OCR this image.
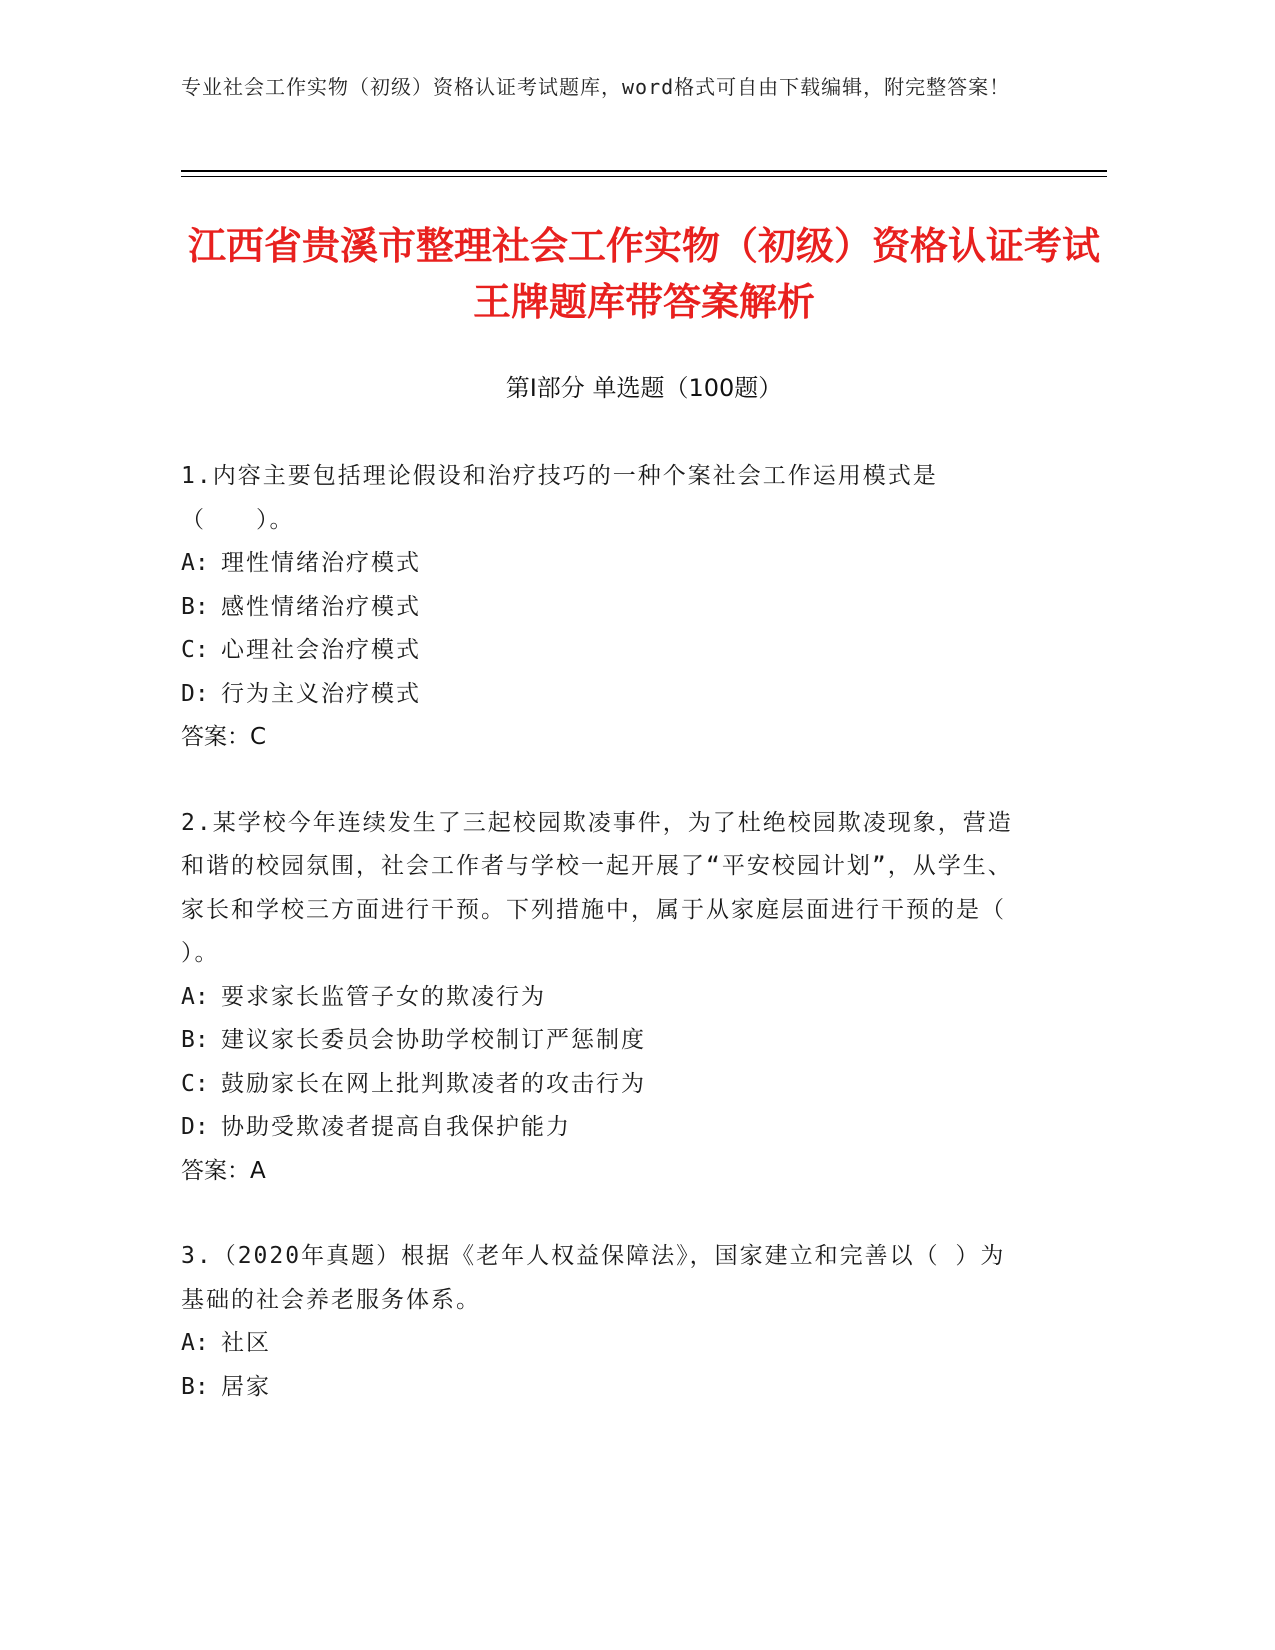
专业社会工作实物（初级）资格认证考试题库，word格式可自由下载编辑，附完整答案！
江西省贵溪市整理社会工作实物（初级）资格认证考试王牌题库带答案解析
第Ⅰ部分 单选题（100题）
1.内容主要包括理论假设和治疗技巧的一种个案社会工作运用模式是（　　）。
A: 理性情绪治疗模式
B: 感性情绪治疗模式
C: 心理社会治疗模式
D: 行为主义治疗模式
答案：C
2.某学校今年连续发生了三起校园欺凌事件，为了杜绝校园欺凌现象，营造和谐的校园氛围，社会工作者与学校一起开展了“平安校园计划”，从学生、家长和学校三方面进行干预。下列措施中，属于从家庭层面进行干预的是（ ）。
A: 要求家长监管子女的欺凌行为
B: 建议家长委员会协助学校制订严惩制度
C: 鼓励家长在网上批判欺凌者的攻击行为
D: 协助受欺凌者提高自我保护能力
答案：A
3.（2020年真题）根据《老年人权益保障法》，国家建立和完善以（ ）为基础的社会养老服务体系。
A: 社区
B: 居家
